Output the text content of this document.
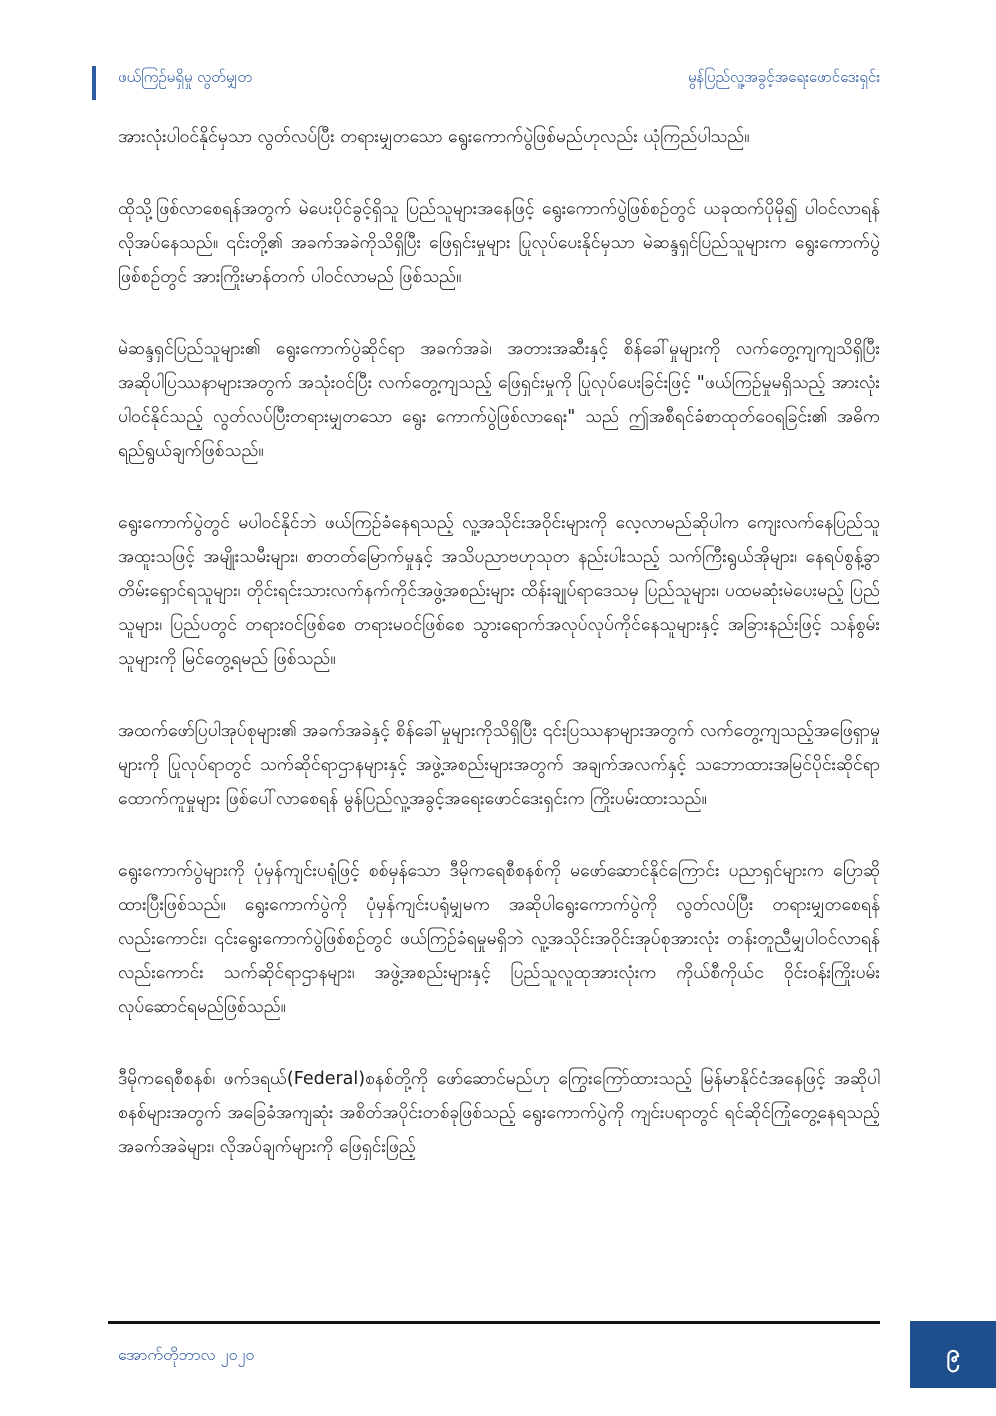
ဖယ်ကြဉ်မရှိမှု လွတ်မျှတ	မွန်ပြည်လူ့အခွင့်အရေးဖောင်ဒေးရှင်း

အားလုံးပါဝင်နိုင်မှသာ လွတ်လပ်ပြီး တရားမျှတသော ရွေးကောက်ပွဲဖြစ်မည်ဟုလည်း ယုံကြည်ပါသည်။

ထိုသို့ဖြစ်လာစေရန်အတွက် မဲပေးပိုင်ခွင့်ရှိသူ ပြည်သူများအနေဖြင့် ရွေးကောက်ပွဲဖြစ်စဉ်တွင် ယခုထက်ပိုမို၍ ပါဝင်လာရန် လိုအပ်နေသည်။ ၎င်းတို့၏ အခက်အခဲကိုသိရှိပြီး ဖြေရှင်းမှုများ ပြုလုပ်ပေးနိုင်မှသာ မဲဆန္ဒရှင်ပြည်သူများက ရွေးကောက်ပွဲဖြစ်စဉ်တွင် အားကြိုးမာန်တက် ပါဝင်လာမည် ဖြစ်သည်။

မဲဆန္ဒရှင်ပြည်သူများ၏ ရွေးကောက်ပွဲဆိုင်ရာ အခက်အခဲ၊ အတားအဆီးနှင့် စိန်ခေါ်မှုများကို လက်တွေ့ကျကျသိရှိပြီး အဆိုပါပြဿနာများအတွက် အသုံးဝင်ပြီး လက်တွေ့ကျသည့် ဖြေရှင်းမှုကို ပြုလုပ်ပေးခြင်းဖြင့် "ဖယ်ကြဉ်မှုမရှိသည့် အားလုံးပါဝင်နိုင်သည့် လွတ်လပ်ပြီးတရားမျှတသော ရွေး ကောက်ပွဲဖြစ်လာရေး" သည် ဤအစီရင်ခံစာထုတ်ဝေရခြင်း၏ အဓိကရည်ရွယ်ချက်ဖြစ်သည်။

ရွေးကောက်ပွဲတွင် မပါဝင်နိုင်ဘဲ ဖယ်ကြဉ်ခံနေရသည့် လူ့အသိုင်းအဝိုင်းများကို လေ့လာမည်ဆိုပါက ကျေးလက်နေပြည်သူ အထူးသဖြင့် အမျိုးသမီးများ၊ စာတတ်မြောက်မှုနှင့် အသိပညာဗဟုသုတ နည်းပါးသည့် သက်ကြီးရွယ်အိုများ၊ နေရပ်စွန့်ခွာတိမ်းရှောင်ရသူများ၊ တိုင်းရင်းသားလက်နက်ကိုင်အဖွဲ့အစည်းများ ထိန်းချုပ်ရာဒေသမှ ပြည်သူများ၊ ပထမဆုံးမဲပေးမည့် ပြည်သူများ၊ ပြည်ပတွင် တရားဝင်ဖြစ်စေ တရားမဝင်ဖြစ်စေ သွားရောက်အလုပ်လုပ်ကိုင်နေသူများနှင့် အခြားနည်းဖြင့် သန်စွမ်းသူများကို မြင်တွေ့ရမည် ဖြစ်သည်။

အထက်ဖော်ပြပါအုပ်စုများ၏ အခက်အခဲနှင့် စိန်ခေါ်မှုများကိုသိရှိပြီး ၎င်းပြဿနာများအတွက် လက်တွေ့ကျသည့်အဖြေရှာမှုများကို ပြုလုပ်ရာတွင် သက်ဆိုင်ရာဌာနများနှင့် အဖွဲ့အစည်းများအတွက် အချက်အလက်နှင့် သဘောထားအမြင်ပိုင်းဆိုင်ရာ ထောက်ကူမှုများ ဖြစ်ပေါ်လာစေရန် မွန်ပြည်လူ့အခွင့်အရေးဖောင်ဒေးရှင်းက ကြိုးပမ်းထားသည်။

ရွေးကောက်ပွဲများကို ပုံမှန်ကျင်းပရုံဖြင့် စစ်မှန်သော ဒီမိုကရေစီစနစ်ကို မဖော်ဆောင်နိုင်ကြောင်း ပညာရှင်များက ပြောဆိုထားပြီးဖြစ်သည်။ ရွေးကောက်ပွဲကို ပုံမှန်ကျင်းပရုံမျှမက အဆိုပါရွေးကောက်ပွဲကို လွတ်လပ်ပြီး တရားမျှတစေရန်လည်းကောင်း၊ ၎င်းရွေးကောက်ပွဲဖြစ်စဉ်တွင် ဖယ်ကြဉ်ခံရမှုမရှိဘဲ လူ့အသိုင်းအဝိုင်းအုပ်စုအားလုံး တန်းတူညီမျှပါဝင်လာရန်လည်းကောင်း သက်ဆိုင်ရာဌာနများ၊ အဖွဲ့အစည်းများနှင့် ပြည်သူလူထုအားလုံးက ကိုယ်စီကိုယ်င ဝိုင်းဝန်းကြိုးပမ်း လုပ်ဆောင်ရမည်ဖြစ်သည်။

ဒီမိုကရေစီစနစ်၊ ဖက်ဒရယ်(Federal)စနစ်တို့ကို ဖော်ဆောင်မည်ဟု ကြွေးကြော်ထားသည့် မြန်မာနိုင်ငံအနေဖြင့် အဆိုပါစနစ်များအတွက် အခြေခံအကျဆုံး အစိတ်အပိုင်းတစ်ခုဖြစ်သည့် ရွေးကောက်ပွဲကို ကျင်းပရာတွင် ရင်ဆိုင်ကြုံတွေ့နေရသည့် အခက်အခဲများ၊ လိုအပ်ချက်များကို ဖြေရှင်းဖြည့်

အောက်တိုဘာလ ၂၀၂၀	၉
